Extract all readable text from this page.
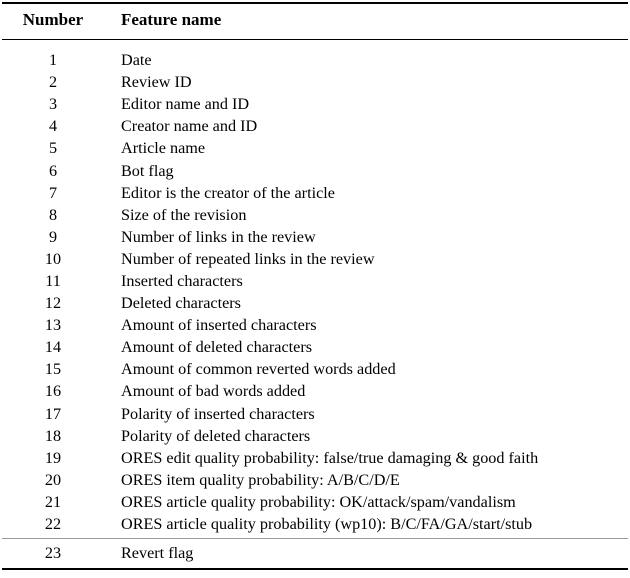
Number	Feature name
1	Date
2	Review ID
3	Editor name and ID
4	Creator name and ID
5	Article name
6	Bot flag
7	Editor is the creator of the article
8	Size of the revision
9	Number of links in the review
10	Number of repeated links in the review
11	Inserted characters
12	Deleted characters
13	Amount of inserted characters
14	Amount of deleted characters
15	Amount of common reverted words added
16	Amount of bad words added
17	Polarity of inserted characters
18	Polarity of deleted characters
19	ORES edit quality probability: false/true damaging & good faith
20	ORES item quality probability: A/B/C/D/E
21	ORES article quality probability: OK/attack/spam/vandalism
22	ORES article quality probability (wp10): B/C/FA/GA/start/stub
23	Revert flag
